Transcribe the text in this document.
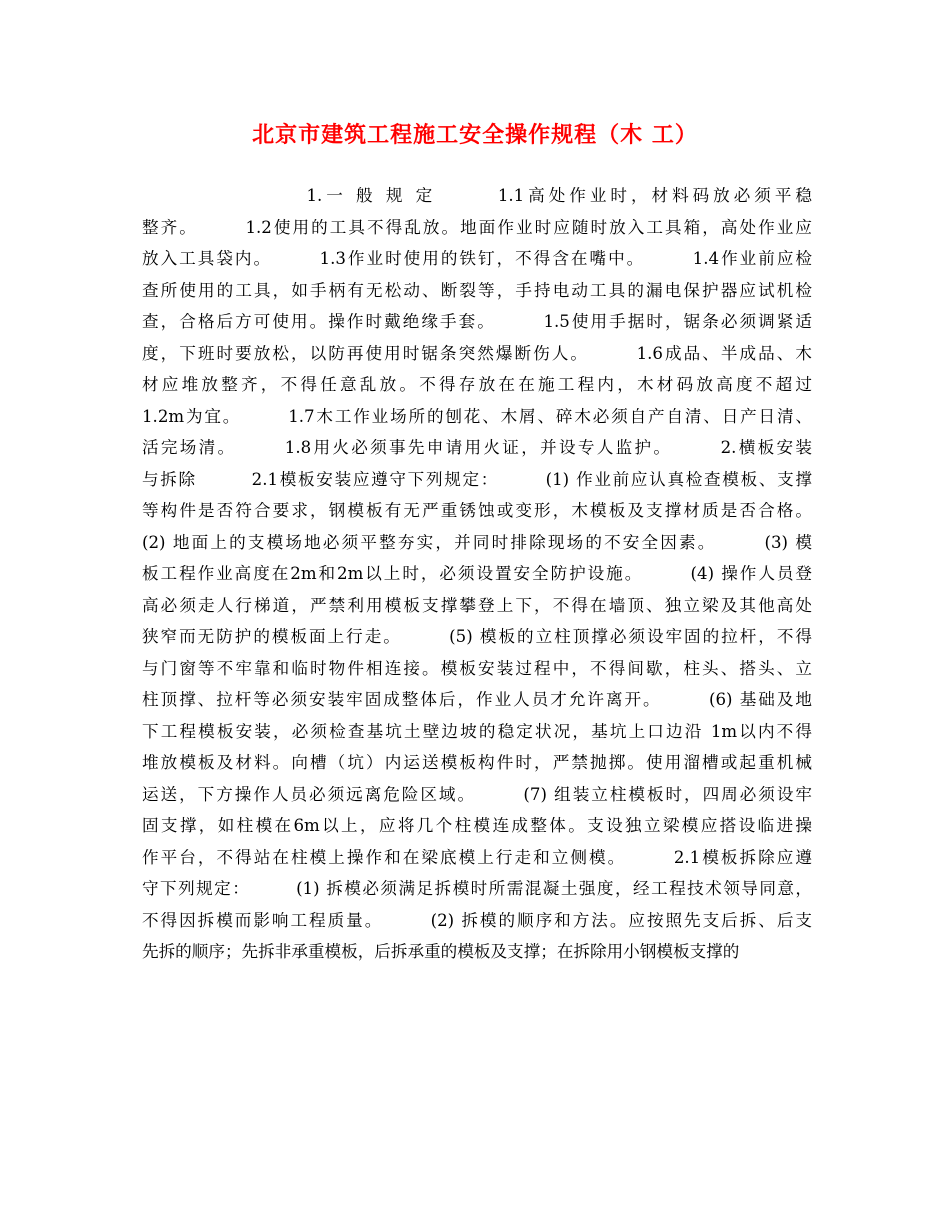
北京市建筑工程施工安全操作规程（木 工）
　　　　　　　　1.一 般 规 定　　　1.1高处作业时，材料码放必须平稳
整齐。　　　1.2使用的工具不得乱放。地面作业时应随时放入工具箱，高处作业应
放入工具袋内。　　　1.3作业时使用的铁钉，不得含在嘴中。　　　1.4作业前应检
查所使用的工具，如手柄有无松动、断裂等，手持电动工具的漏电保护器应试机检
查，合格后方可使用。操作时戴绝缘手套。　　　1.5使用手据时，锯条必须调紧适
度，下班时要放松，以防再使用时锯条突然爆断伤人。　　　1.6成品、半成品、木
材应堆放整齐，不得任意乱放。不得存放在在施工程内，木材码放高度不超过
1.2m为宜。　　　1.7木工作业场所的刨花、木屑、碎木必须自产自清、日产日清、
活完场清。　　　1.8用火必须事先申请用火证，并设专人监护。　　　2.横板安装
与拆除　　　2.1模板安装应遵守下列规定：　　　(1) 作业前应认真检查模板、支撑
等构件是否符合要求，钢模板有无严重锈蚀或变形，木模板及支撑材质是否合格。
(2) 地面上的支模场地必须平整夯实，并同时排除现场的不安全因素。　　　(3) 模
板工程作业高度在2m和2m以上时，必须设置安全防护设施。　　　(4) 操作人员登
高必须走人行梯道，严禁利用模板支撑攀登上下，不得在墙顶、独立梁及其他高处
狭窄而无防护的模板面上行走。　　　(5) 模板的立柱顶撑必须设牢固的拉杆，不得
与门窗等不牢靠和临时物件相连接。模板安装过程中，不得间歇，柱头、搭头、立
柱顶撑、拉杆等必须安装牢固成整体后，作业人员才允许离开。　　　(6) 基础及地
下工程模板安装，必须检查基坑土壁边坡的稳定状况，基坑上口边沿 1m以内不得
堆放模板及材料。向槽（坑）内运送模板构件时，严禁抛掷。使用溜槽或起重机械
运送，下方操作人员必须远离危险区域。　　　(7) 组装立柱模板时，四周必须设牢
固支撑，如柱模在6m以上，应将几个柱模连成整体。支设独立梁模应搭设临进操
作平台，不得站在柱模上操作和在梁底模上行走和立侧模。　　　2.1模板拆除应遵
守下列规定：　　　(1) 拆模必须满足拆模时所需混凝土强度，经工程技术领导同意，
不得因拆模而影响工程质量。　　　(2) 拆模的顺序和方法。应按照先支后拆、后支
先拆的顺序；先拆非承重模板，后拆承重的模板及支撑；在拆除用小钢模板支撑的
